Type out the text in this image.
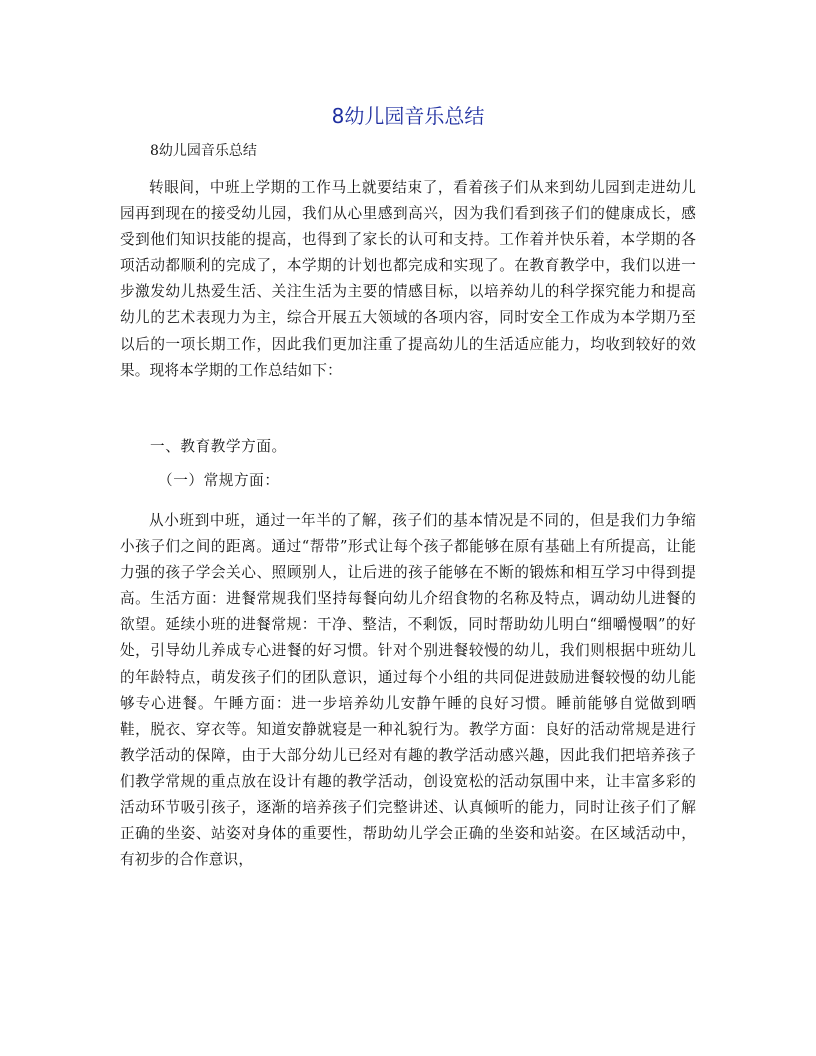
8幼儿园音乐总结

8幼儿园音乐总结

转眼间，中班上学期的工作马上就要结束了，看着孩子们从来到幼儿园到走进幼儿园再到现在的接受幼儿园，我们从心里感到高兴，因为我们看到孩子们的健康成长，感受到他们知识技能的提高，也得到了家长的认可和支持。工作着并快乐着，本学期的各项活动都顺利的完成了，本学期的计划也都完成和实现了。在教育教学中，我们以进一步激发幼儿热爱生活、关注生活为主要的情感目标，以培养幼儿的科学探究能力和提高幼儿的艺术表现力为主，综合开展五大领域的各项内容，同时安全工作成为本学期乃至以后的一项长期工作，因此我们更加注重了提高幼儿的生活适应能力，均收到较好的效果。现将本学期的工作总结如下：

一、教育教学方面。

（一）常规方面：

从小班到中班，通过一年半的了解，孩子们的基本情况是不同的，但是我们力争缩小孩子们之间的距离。通过“帮带”形式让每个孩子都能够在原有基础上有所提高，让能力强的孩子学会关心、照顾别人，让后进的孩子能够在不断的锻炼和相互学习中得到提高。生活方面：进餐常规我们坚持每餐向幼儿介绍食物的名称及特点，调动幼儿进餐的欲望。延续小班的进餐常规：干净、整洁，不剩饭，同时帮助幼儿明白“细嚼慢咽”的好处，引导幼儿养成专心进餐的好习惯。针对个别进餐较慢的幼儿，我们则根据中班幼儿的年龄特点，萌发孩子们的团队意识，通过每个小组的共同促进鼓励进餐较慢的幼儿能够专心进餐。午睡方面：进一步培养幼儿安静午睡的良好习惯。睡前能够自觉做到晒鞋，脱衣、穿衣等。知道安静就寝是一种礼貌行为。教学方面：良好的活动常规是进行教学活动的保障，由于大部分幼儿已经对有趣的教学活动感兴趣，因此我们把培养孩子们教学常规的重点放在设计有趣的教学活动，创设宽松的活动氛围中来，让丰富多彩的活动环节吸引孩子，逐渐的培养孩子们完整讲述、认真倾听的能力，同时让孩子们了解正确的坐姿、站姿对身体的重要性，帮助幼儿学会正确的坐姿和站姿。在区域活动中，有初步的合作意识，
